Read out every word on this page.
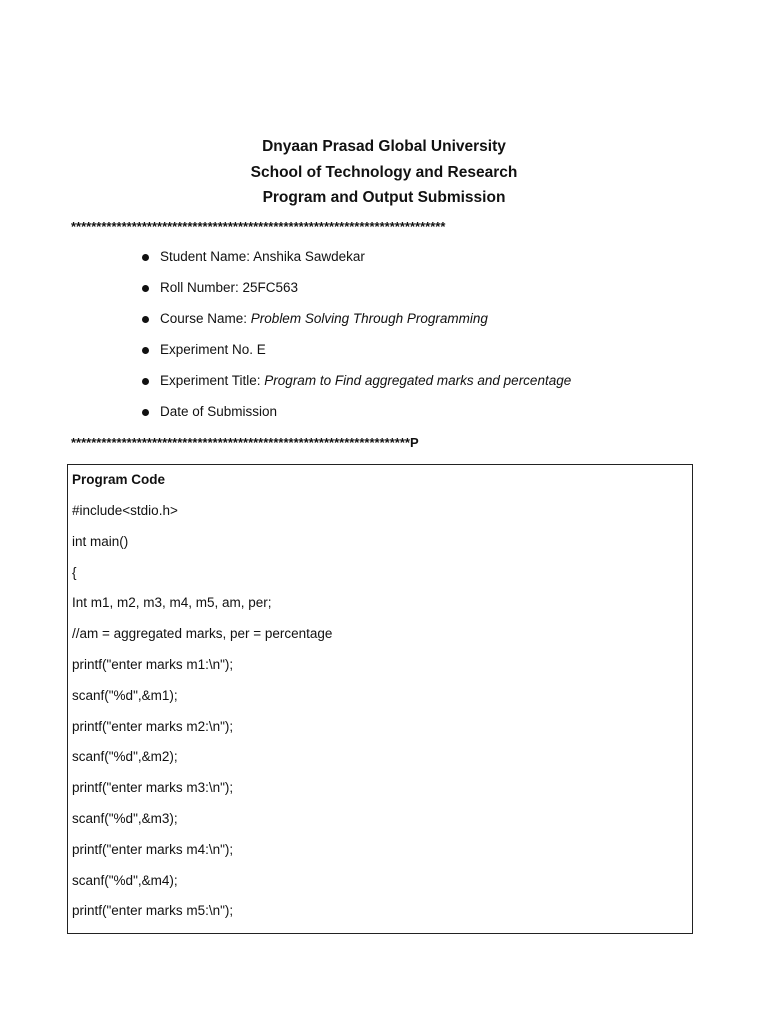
Dnyaan Prasad Global University
School of Technology and Research
Program and Output Submission
**************************************************************************
Student Name: Anshika Sawdekar
Roll Number: 25FC563
Course Name: Problem Solving Through Programming
Experiment No. E
Experiment Title: Program to Find aggregated marks and percentage
Date of Submission
*******************************************************************P
Program Code
#include<stdio.h>
int main()
{
Int m1, m2, m3, m4, m5, am, per;
//am = aggregated marks, per = percentage
printf("enter marks m1:\n");
scanf("%d",&m1);
printf("enter marks m2:\n");
scanf("%d",&m2);
printf("enter marks m3:\n");
scanf("%d",&m3);
printf("enter marks m4:\n");
scanf("%d",&m4);
printf("enter marks m5:\n");
